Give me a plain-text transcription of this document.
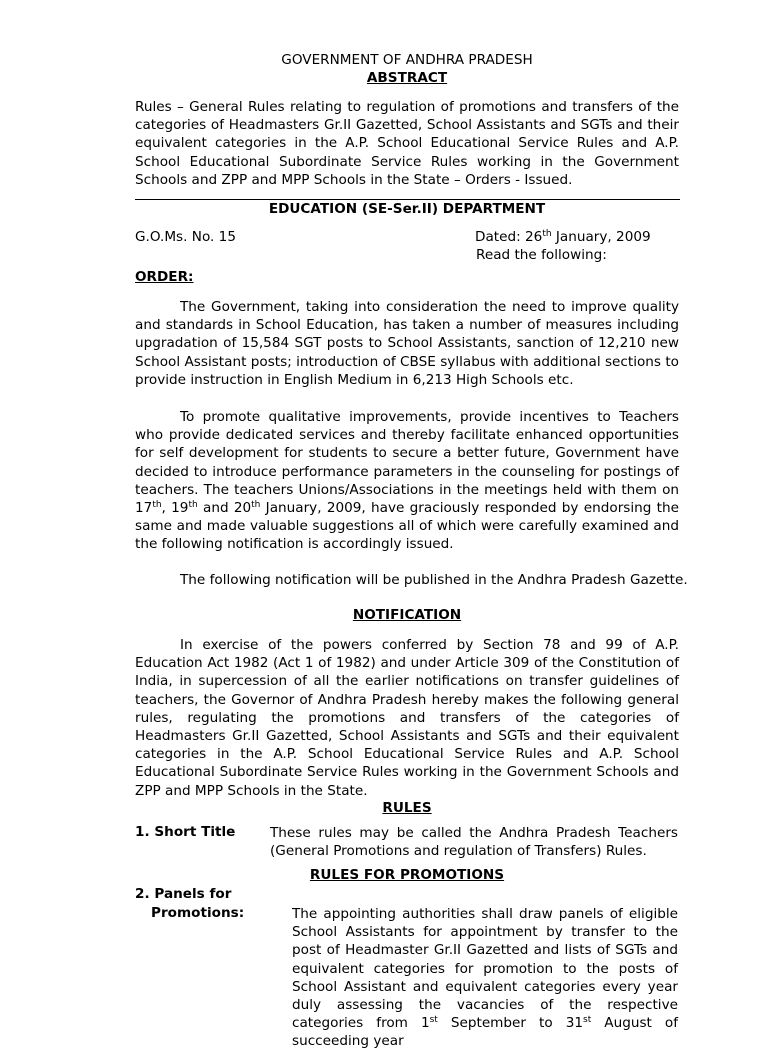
GOVERNMENT OF ANDHRA PRADESH
ABSTRACT

Rules – General Rules relating to regulation of promotions and transfers of the categories of Headmasters Gr.II Gazetted, School Assistants and SGTs and their equivalent categories in the A.P. School Educational Service Rules and A.P. School Educational Subordinate Service Rules working in the Government Schools and ZPP and MPP Schools in the State – Orders - Issued.

EDUCATION (SE-Ser.II) DEPARTMENT
G.O.Ms. No. 15	Dated: 26th January, 2009
Read the following:
ORDER:

The Government, taking into consideration the need to improve quality and standards in School Education, has taken a number of measures including upgradation of 15,584 SGT posts to School Assistants, sanction of 12,210 new School Assistant posts; introduction of CBSE syllabus with additional sections to provide instruction in English Medium in 6,213 High Schools etc.

To promote qualitative improvements, provide incentives to Teachers who provide dedicated services and thereby facilitate enhanced opportunities for self development for students to secure a better future, Government have decided to introduce performance parameters in the counseling for postings of teachers. The teachers Unions/Associations in the meetings held with them on 17th, 19th and 20th January, 2009, have graciously responded by endorsing the same and made valuable suggestions all of which were carefully examined and the following notification is accordingly issued.

The following notification will be published in the Andhra Pradesh Gazette.
NOTIFICATION

In exercise of the powers conferred by Section 78 and 99 of A.P. Education Act 1982 (Act 1 of 1982) and under Article 309 of the Constitution of India, in supercession of all the earlier notifications on transfer guidelines of teachers, the Governor of Andhra Pradesh hereby makes the following general rules, regulating the promotions and transfers of the categories of Headmasters Gr.II Gazetted, School Assistants and SGTs and their equivalent categories in the A.P. School Educational Service Rules and A.P. School Educational Subordinate Service Rules working in the Government Schools and ZPP and MPP Schools in the State.

RULES
1. Short Title	These rules may be called the Andhra Pradesh Teachers (General Promotions and regulation of Transfers) Rules.

RULES FOR PROMOTIONS
2. Panels for
Promotions:	The appointing authorities shall draw panels of eligible School Assistants for appointment by transfer to the post of Headmaster Gr.II Gazetted and lists of SGTs and equivalent categories for promotion to the posts of School Assistant and equivalent categories every year duly assessing the vacancies of the respective categories from 1st September to 31st August of succeeding year
